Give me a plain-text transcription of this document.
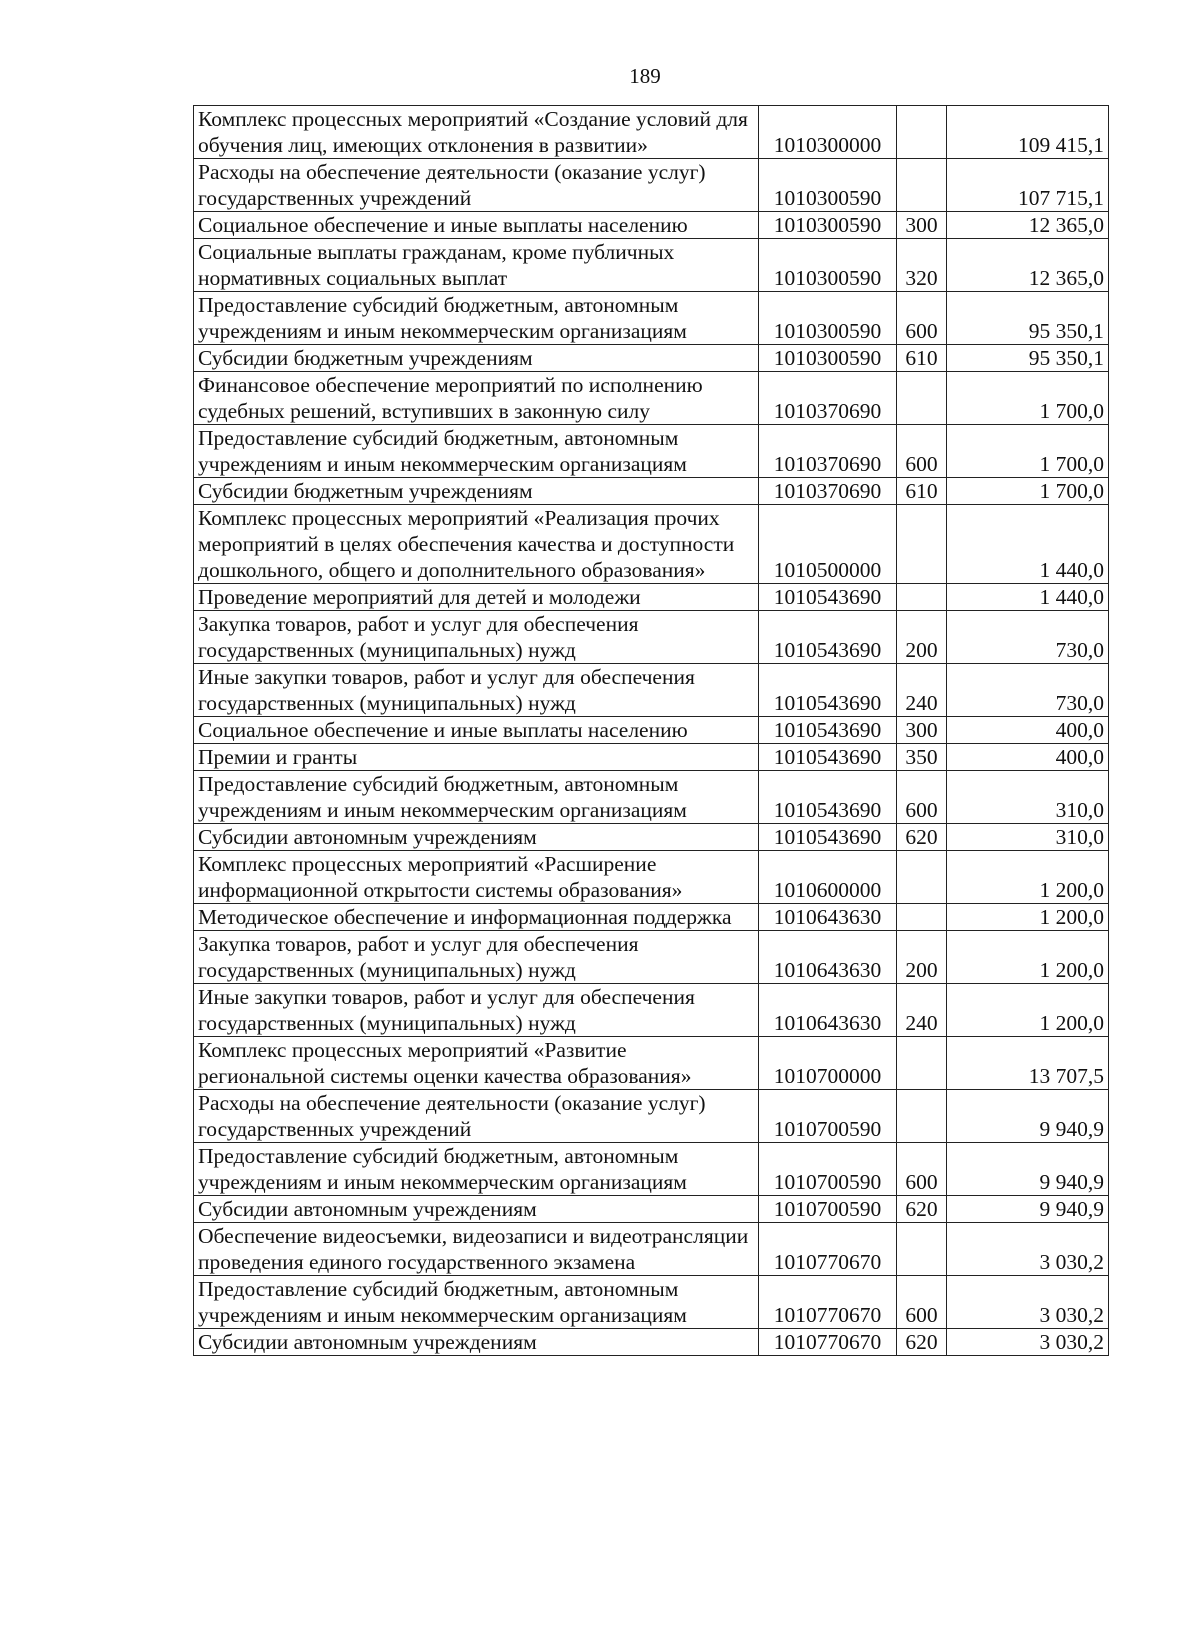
189
Комплекс процессных мероприятий «Создание условий для обучения лиц, имеющих отклонения в развитии»	1010300000		109 415,1
Расходы на обеспечение деятельности (оказание услуг) государственных учреждений	1010300590		107 715,1
Социальное обеспечение и иные выплаты населению	1010300590	300	12 365,0
Социальные выплаты гражданам, кроме публичных нормативных социальных выплат	1010300590	320	12 365,0
Предоставление субсидий бюджетным, автономным учреждениям и иным некоммерческим организациям	1010300590	600	95 350,1
Субсидии бюджетным учреждениям	1010300590	610	95 350,1
Финансовое обеспечение мероприятий по исполнению судебных решений, вступивших в законную силу	1010370690		1 700,0
Предоставление субсидий бюджетным, автономным учреждениям и иным некоммерческим организациям	1010370690	600	1 700,0
Субсидии бюджетным учреждениям	1010370690	610	1 700,0
Комплекс процессных мероприятий «Реализация прочих мероприятий в целях обеспечения качества и доступности дошкольного, общего и дополнительного образования»	1010500000		1 440,0
Проведение мероприятий для детей и молодежи	1010543690		1 440,0
Закупка товаров, работ и услуг для обеспечения государственных (муниципальных) нужд	1010543690	200	730,0
Иные закупки товаров, работ и услуг для обеспечения государственных (муниципальных) нужд	1010543690	240	730,0
Социальное обеспечение и иные выплаты населению	1010543690	300	400,0
Премии и гранты	1010543690	350	400,0
Предоставление субсидий бюджетным, автономным учреждениям и иным некоммерческим организациям	1010543690	600	310,0
Субсидии автономным учреждениям	1010543690	620	310,0
Комплекс процессных мероприятий «Расширение информационной открытости системы образования»	1010600000		1 200,0
Методическое обеспечение и информационная поддержка	1010643630		1 200,0
Закупка товаров, работ и услуг для обеспечения государственных (муниципальных) нужд	1010643630	200	1 200,0
Иные закупки товаров, работ и услуг для обеспечения государственных (муниципальных) нужд	1010643630	240	1 200,0
Комплекс процессных мероприятий «Развитие региональной системы оценки качества образования»	1010700000		13 707,5
Расходы на обеспечение деятельности (оказание услуг) государственных учреждений	1010700590		9 940,9
Предоставление субсидий бюджетным, автономным учреждениям и иным некоммерческим организациям	1010700590	600	9 940,9
Субсидии автономным учреждениям	1010700590	620	9 940,9
Обеспечение видеосъемки, видеозаписи и видеотрансляции проведения единого государственного экзамена	1010770670		3 030,2
Предоставление субсидий бюджетным, автономным учреждениям и иным некоммерческим организациям	1010770670	600	3 030,2
Субсидии автономным учреждениям	1010770670	620	3 030,2
